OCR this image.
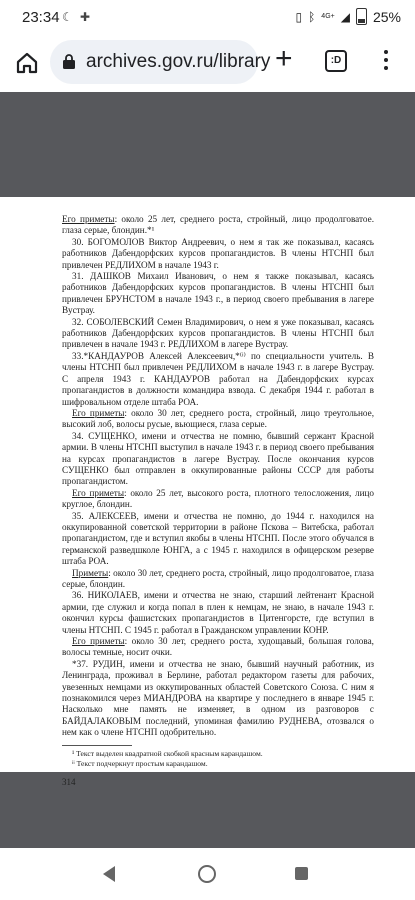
23:34 ☾ ✚	▯ ᛒ 4G+ ◢ 25%
archives.gov.ru/library +	:D

Его приметы: около 25 лет, среднего роста, стройный, лицо продолговатое. глаза серые, блондин.*¹

30. БОГОМОЛОВ Виктор Андреевич, о нем я так же показывал, касаясь работников Дабендорфских курсов пропагандистов. В члены НТСНП был привлечен РЕДЛИХОМ в начале 1943 г.

31. ДАШКОВ Михаил Иванович, о нем я также показывал, касаясь работников Дабендорфских курсов пропагандистов. В члены НТСНП был привлечен БРУНСТОМ в начале 1943 г., в период своего пребывания в лагере Вустрау.

32. СОБОЛЕВСКИЙ Семен Владимирович, о нем я уже показывал, касаясь работников Дабендорфских курсов пропагандистов. В члены НТСНП был привлечен в начале 1943 г. РЕДЛИХОМ в лагере Вустрау.

33.*КАНДАУРОВ Алексей Алексеевич,*⁽ⁱ⁾ по специальности учитель. В члены НТСНП был привлечен РЕДЛИХОМ в начале 1943 г. в лагере Вустрау. С апреля 1943 г. КАНДАУРОВ работал на Дабендорфских курсах пропагандистов в должности командира взвода. С декабря 1944 г. работал в шифровальном отделе штаба РОА.

Его приметы: около 30 лет, среднего роста, стройный, лицо треугольное, высокий лоб, волосы русые, вьющиеся, глаза серые.

34. СУЩЕНКО, имени и отчества не помню, бывший сержант Красной армии. В члены НТСНП выступил в начале 1943 г. в период своего пребывания на курсах пропагандистов в лагере Вустрау. После окончания курсов СУЩЕНКО был отправлен в оккупированные районы СССР для работы пропагандистом.

Его приметы: около 25 лет, высокого роста, плотного телосложения, лицо круглое, блондин.

35. АЛЕКСЕЕВ, имени и отчества не помню, до 1944 г. находился на оккупированной советской территории в районе Пскова – Витебска, работал пропагандистом, где и вступил якобы в члены НТСНП. После этого обучался в германской разведшколе ЮНГА, а с 1945 г. находился в офицерском резерве штаба РОА.

Приметы: около 30 лет, среднего роста, стройный, лицо продолговатое, глаза серые, блондин.

36. НИКОЛАЕВ, имени и отчества не знаю, старший лейтенант Красной армии, где служил и когда попал в плен к немцам, не знаю, в начале 1943 г. окончил курсы фашистских пропагандистов в Цитенгорсте, где вступил в члены НТСНП. С 1945 г. работал в Гражданском управлении КОНР.

Его приметы: около 30 лет, среднего роста, худощавый, большая голова, волосы темные, носит очки.

*37. РУДИН, имени и отчества не знаю, бывший научный работник, из Ленинграда, проживал в Берлине, работал редактором газеты для рабочих, увезенных немцами из оккупированных областей Советского Союза. С ним я познакомился через МИАНДРОВА на квартире у последнего в январе 1945 г. Насколько мне память не изменяет, в одном из разговоров с БАЙДАЛАКОВЫМ последний, упоминая фамилию РУДНЕВА, отозвался о нем как о члене НТСНП одобрительно.

¹ Текст выделен квадратной скобкой красным карандашом.
ⁱⁱ Текст подчеркнут простым карандашом.
314
